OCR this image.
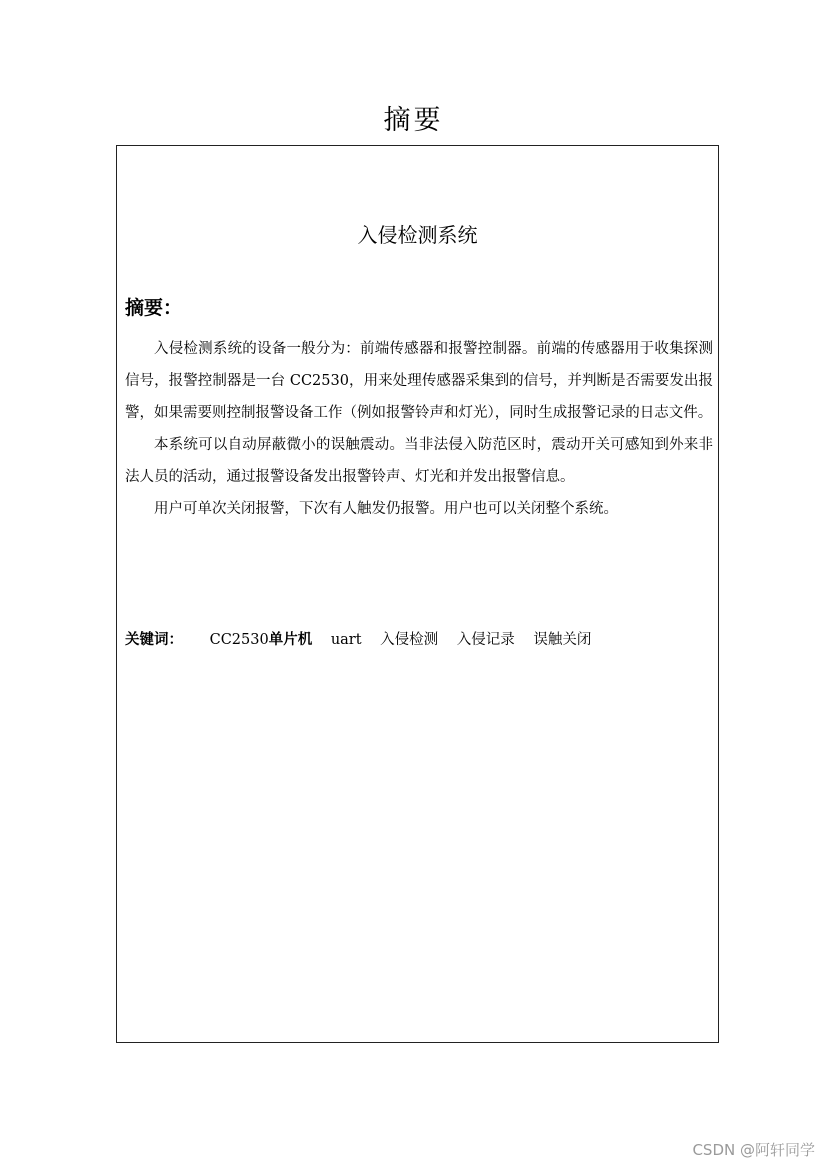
摘要
入侵检测系统
摘要：

入侵检测系统的设备一般分为：前端传感器和报警控制器。前端的传感器用于收集探测信号，报警控制器是一台 CC2530，用来处理传感器采集到的信号，并判断是否需要发出报警，如果需要则控制报警设备工作（例如报警铃声和灯光），同时生成报警记录的日志文件。

本系统可以自动屏蔽微小的误触震动。当非法侵入防范区时，震动开关可感知到外来非法人员的活动，通过报警设备发出报警铃声、灯光和并发出报警信息。

用户可单次关闭报警，下次有人触发仍报警。用户也可以关闭整个系统。

关键词： CC2530单片机 uart 入侵检测 入侵记录 误触关闭
CSDN @阿轩同学
